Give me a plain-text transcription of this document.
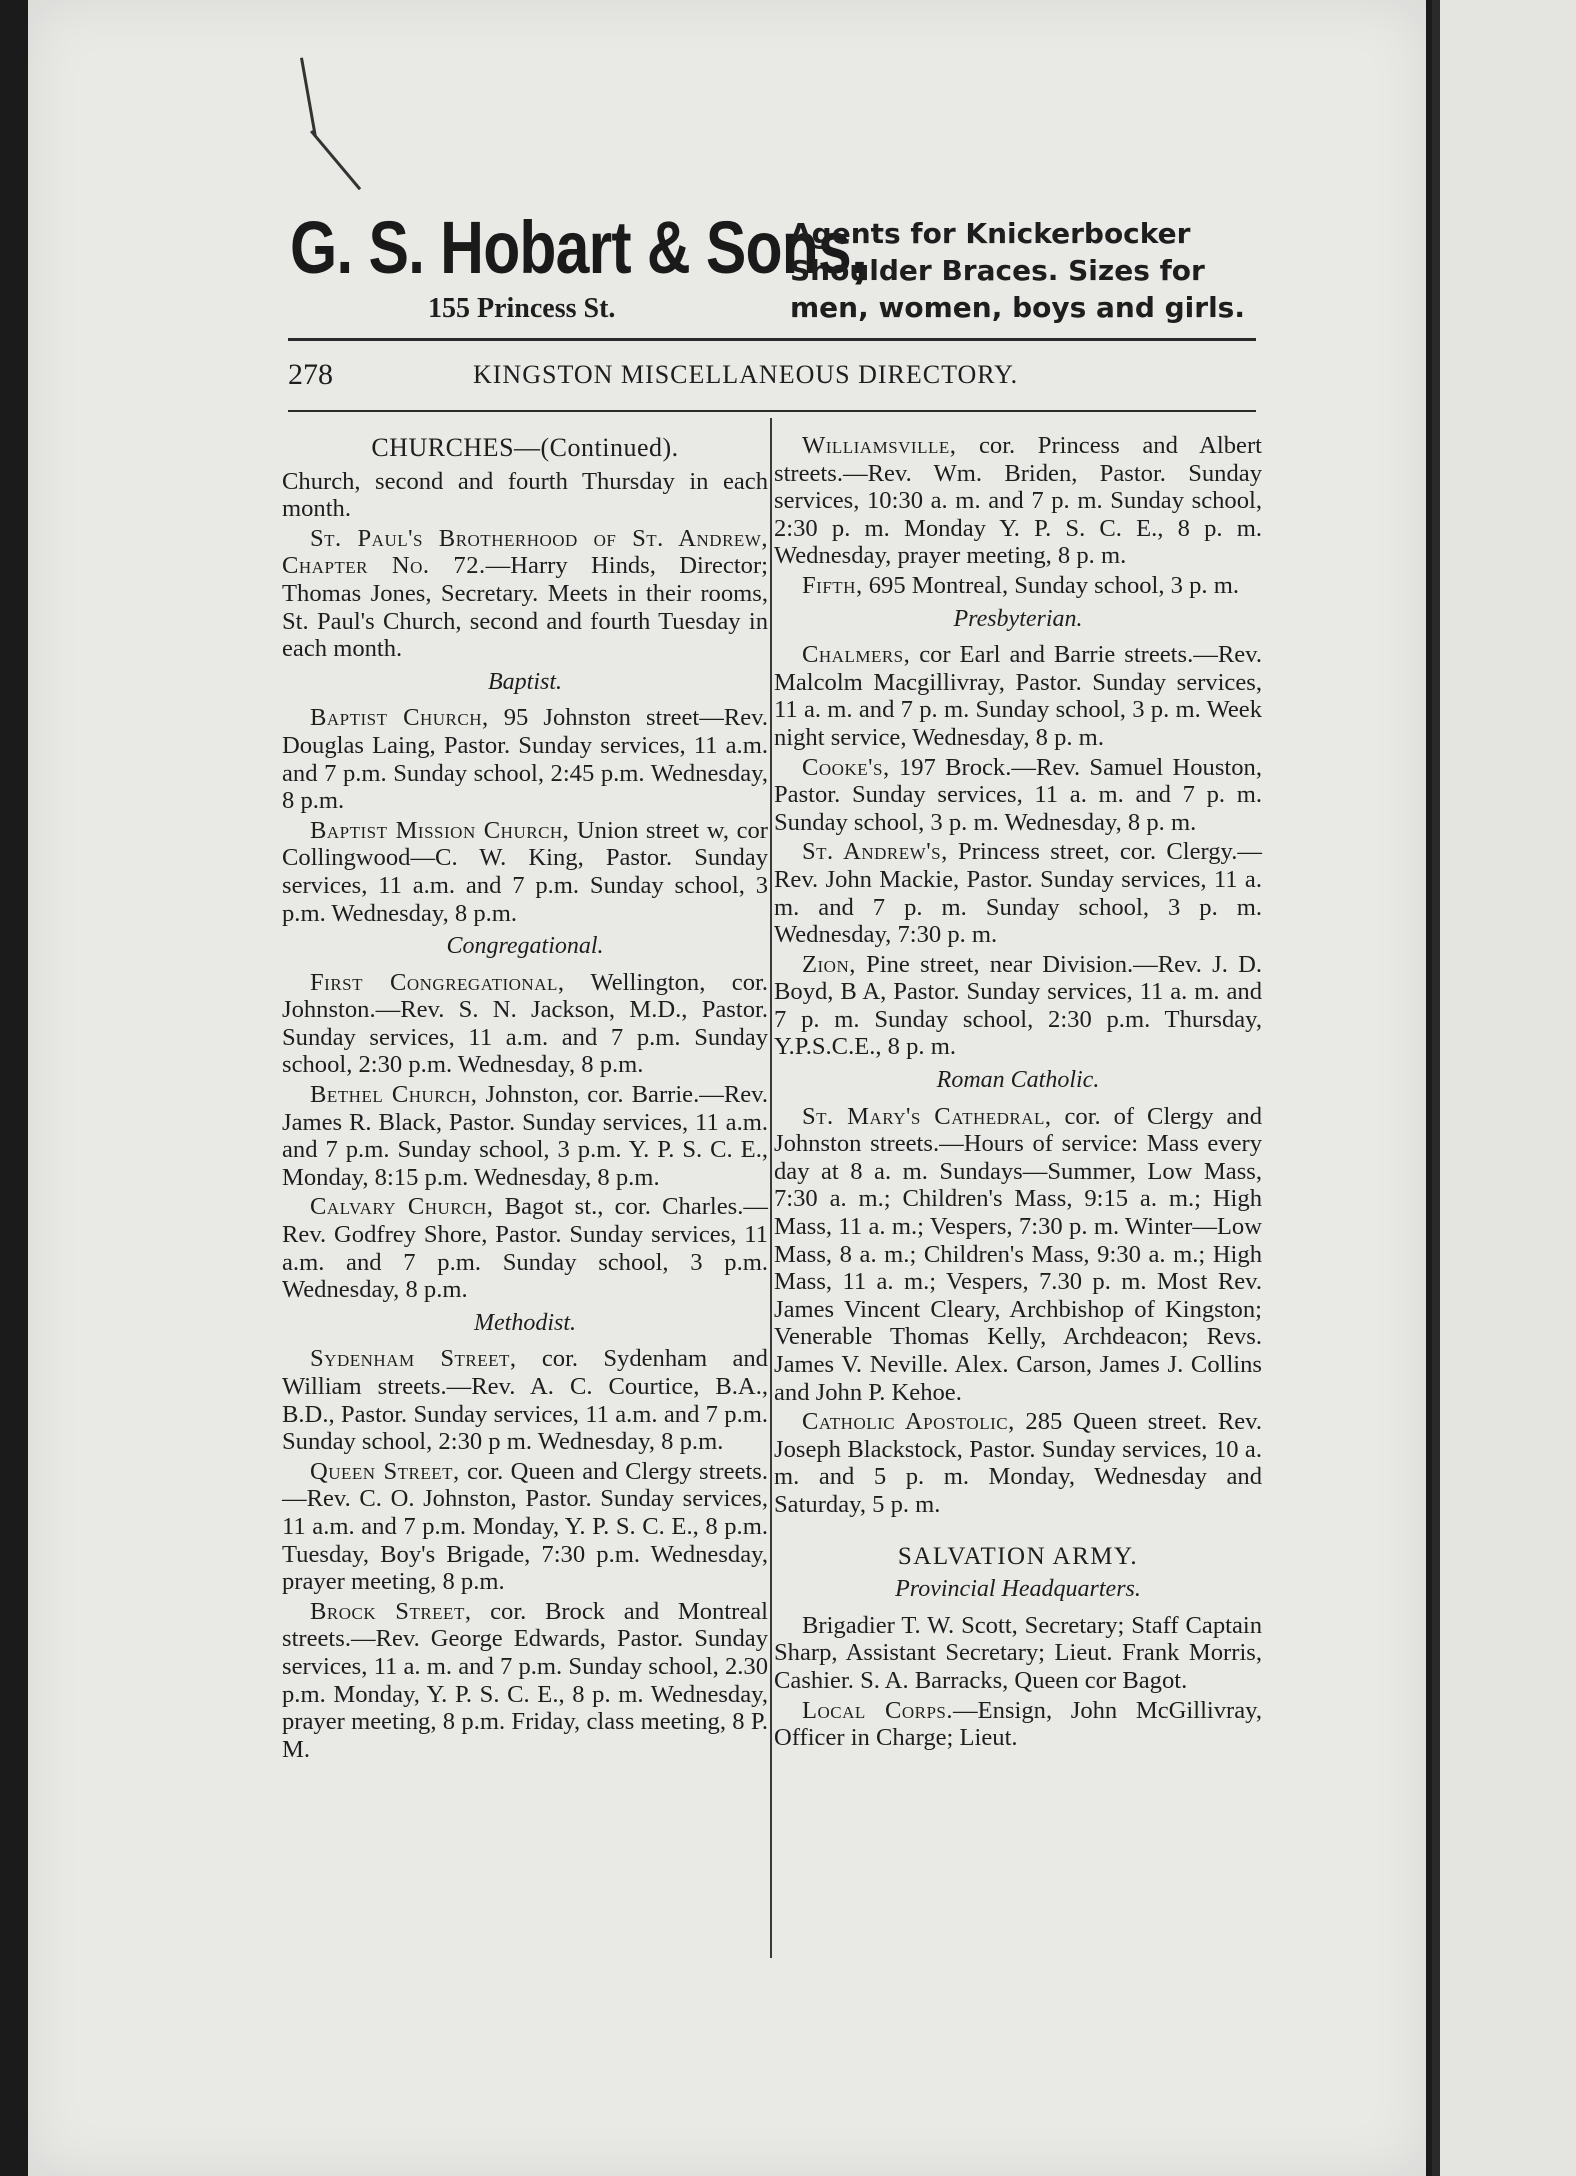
G. S. Hobart & Sons,
155 Princess St.
Agents for Knickerbocker
Shoulder Braces. Sizes for
men, women, boys and girls.
278	KINGSTON MISCELLANEOUS DIRECTORY.
CHURCHES—(Continued).

Church, second and fourth Thursday in each month.

St. Paul's Brotherhood of St. Andrew, Chapter No. 72.—Harry Hinds, Director; Thomas Jones, Secretary. Meets in their rooms, St. Paul's Church, second and fourth Tuesday in each month.

Baptist.

Baptist Church, 95 Johnston street—Rev. Douglas Laing, Pastor. Sunday services, 11 a.m. and 7 p.m. Sunday school, 2:45 p.m. Wednesday, 8 p.m.

Baptist Mission Church, Union street w, cor Collingwood—C. W. King, Pastor. Sunday services, 11 a.m. and 7 p.m. Sunday school, 3 p.m. Wednesday, 8 p.m.

Congregational.

First Congregational, Wellington, cor. Johnston.—Rev. S. N. Jackson, M.D., Pastor. Sunday services, 11 a.m. and 7 p.m. Sunday school, 2:30 p.m. Wednesday, 8 p.m.

Bethel Church, Johnston, cor. Barrie.—Rev. James R. Black, Pastor. Sunday services, 11 a.m. and 7 p.m. Sunday school, 3 p.m. Y. P. S. C. E., Monday, 8:15 p.m. Wednesday, 8 p.m.

Calvary Church, Bagot st., cor. Charles.—Rev. Godfrey Shore, Pastor. Sunday services, 11 a.m. and 7 p.m. Sunday school, 3 p.m. Wednesday, 8 p.m.

Methodist.

Sydenham Street, cor. Sydenham and William streets.—Rev. A. C. Courtice, B.A., B.D., Pastor. Sunday services, 11 a.m. and 7 p.m. Sunday school, 2:30 p m. Wednesday, 8 p.m.

Queen Street, cor. Queen and Clergy streets.—Rev. C. O. Johnston, Pastor. Sunday services, 11 a.m. and 7 p.m. Monday, Y. P. S. C. E., 8 p.m. Tuesday, Boy's Brigade, 7:30 p.m. Wednesday, prayer meeting, 8 p.m.

Brock Street, cor. Brock and Montreal streets.—Rev. George Edwards, Pastor. Sunday services, 11 a. m. and 7 p.m. Sunday school, 2.30 p.m. Monday, Y. P. S. C. E., 8 p. m. Wednesday, prayer meeting, 8 p.m. Friday, class meeting, 8 P. M.

Williamsville, cor. Princess and Albert streets.—Rev. Wm. Briden, Pastor. Sunday services, 10:30 a. m. and 7 p. m. Sunday school, 2:30 p. m. Monday Y. P. S. C. E., 8 p. m. Wednesday, prayer meeting, 8 p. m.

Fifth, 695 Montreal, Sunday school, 3 p. m.

Presbyterian.

Chalmers, cor Earl and Barrie streets.—Rev. Malcolm Macgillivray, Pastor. Sunday services, 11 a. m. and 7 p. m. Sunday school, 3 p. m. Week night service, Wednesday, 8 p. m.

Cooke's, 197 Brock.—Rev. Samuel Houston, Pastor. Sunday services, 11 a. m. and 7 p. m. Sunday school, 3 p. m. Wednesday, 8 p. m.

St. Andrew's, Princess street, cor. Clergy.—Rev. John Mackie, Pastor. Sunday services, 11 a. m. and 7 p. m. Sunday school, 3 p. m. Wednesday, 7:30 p. m.

Zion, Pine street, near Division.—Rev. J. D. Boyd, B A, Pastor. Sunday services, 11 a. m. and 7 p. m. Sunday school, 2:30 p.m. Thursday, Y.P.S.C.E., 8 p. m.

Roman Catholic.

St. Mary's Cathedral, cor. of Clergy and Johnston streets.—Hours of service: Mass every day at 8 a. m. Sundays—Summer, Low Mass, 7:30 a. m.; Children's Mass, 9:15 a. m.; High Mass, 11 a. m.; Vespers, 7:30 p. m. Winter—Low Mass, 8 a. m.; Children's Mass, 9:30 a. m.; High Mass, 11 a. m.; Vespers, 7.30 p. m. Most Rev. James Vincent Cleary, Archbishop of Kingston; Venerable Thomas Kelly, Archdeacon; Revs. James V. Neville. Alex. Carson, James J. Collins and John P. Kehoe.

Catholic Apostolic, 285 Queen street. Rev. Joseph Blackstock, Pastor. Sunday services, 10 a. m. and 5 p. m. Monday, Wednesday and Saturday, 5 p. m.

SALVATION ARMY.
Provincial Headquarters.

Brigadier T. W. Scott, Secretary; Staff Captain Sharp, Assistant Secretary; Lieut. Frank Morris, Cashier. S. A. Barracks, Queen cor Bagot.

Local Corps.—Ensign, John McGillivray, Officer in Charge; Lieut.
